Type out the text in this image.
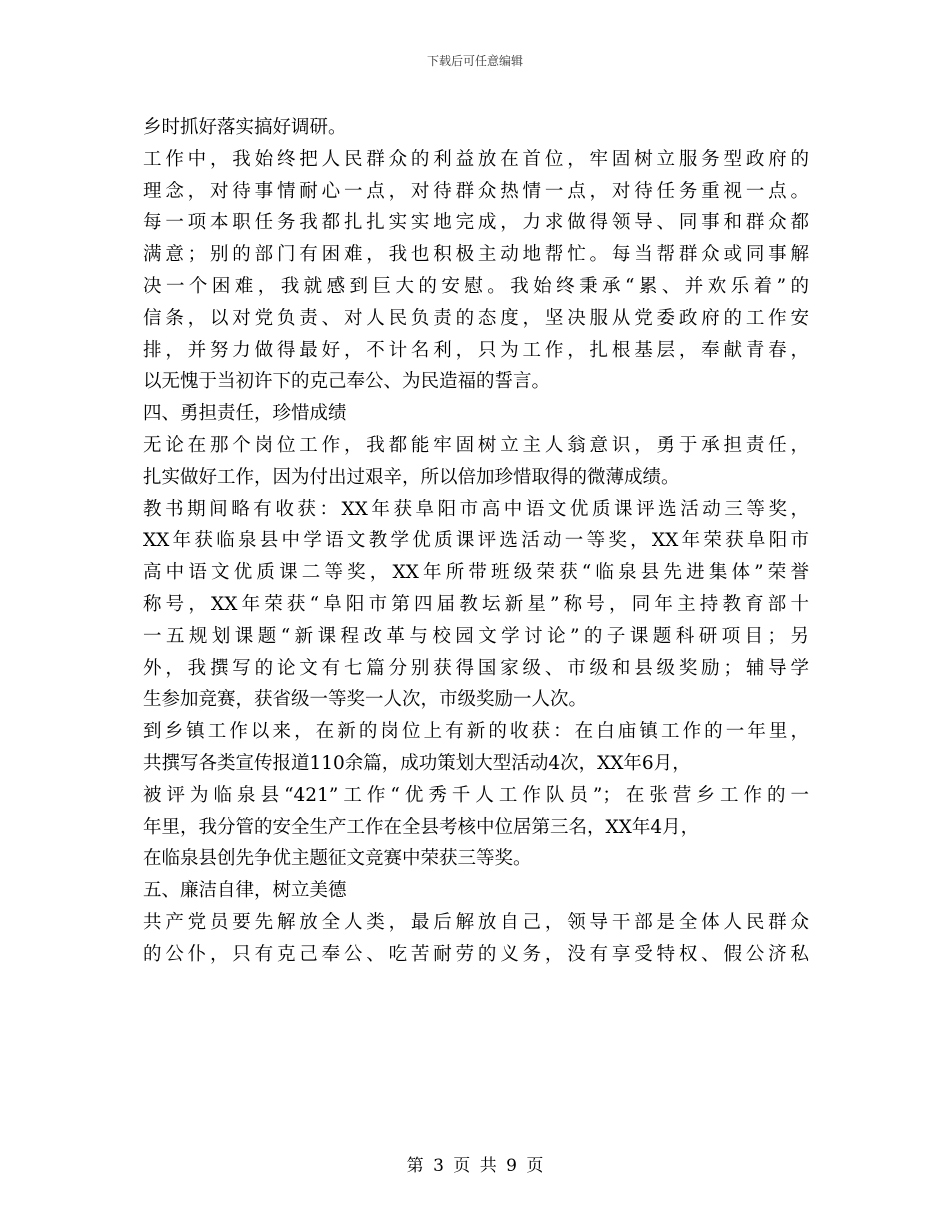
下载后可任意编辑
乡时抓好落实搞好调研。
工作中，我始终把人民群众的利益放在首位，牢固树立服务型政府的
理念，对待事情耐心一点，对待群众热情一点，对待任务重视一点。
每一项本职任务我都扎扎实实地完成，力求做得领导、同事和群众都
满意；别的部门有困难，我也积极主动地帮忙。每当帮群众或同事解
决一个困难，我就感到巨大的安慰。我始终秉承“累、并欢乐着”的
信条，以对党负责、对人民负责的态度，坚决服从党委政府的工作安
排，并努力做得最好，不计名利，只为工作，扎根基层，奉献青春，
以无愧于当初许下的克己奉公、为民造福的誓言。
四、勇担责任，珍惜成绩
无论在那个岗位工作，我都能牢固树立主人翁意识，勇于承担责任，
扎实做好工作，因为付出过艰辛，所以倍加珍惜取得的微薄成绩。
教书期间略有收获：XX年获阜阳市高中语文优质课评选活动三等奖，
XX年获临泉县中学语文教学优质课评选活动一等奖，XX年荣获阜阳市
高中语文优质课二等奖，XX年所带班级荣获“临泉县先进集体”荣誉
称号，XX年荣获“阜阳市第四届教坛新星”称号，同年主持教育部十
一五规划课题“新课程改革与校园文学讨论”的子课题科研项目；另
外，我撰写的论文有七篇分别获得国家级、市级和县级奖励；辅导学
生参加竞赛，获省级一等奖一人次，市级奖励一人次。
到乡镇工作以来，在新的岗位上有新的收获：在白庙镇工作的一年里，
共撰写各类宣传报道110余篇，成功策划大型活动4次，XX年6月，
被评为临泉县“421”工作“优秀千人工作队员”；在张营乡工作的一
年里，我分管的安全生产工作在全县考核中位居第三名，XX年4月，
在临泉县创先争优主题征文竞赛中荣获三等奖。
五、廉洁自律，树立美德
共产党员要先解放全人类，最后解放自己，领导干部是全体人民群众
的公仆，只有克己奉公、吃苦耐劳的义务，没有享受特权、假公济私
第 3 页 共 9 页
